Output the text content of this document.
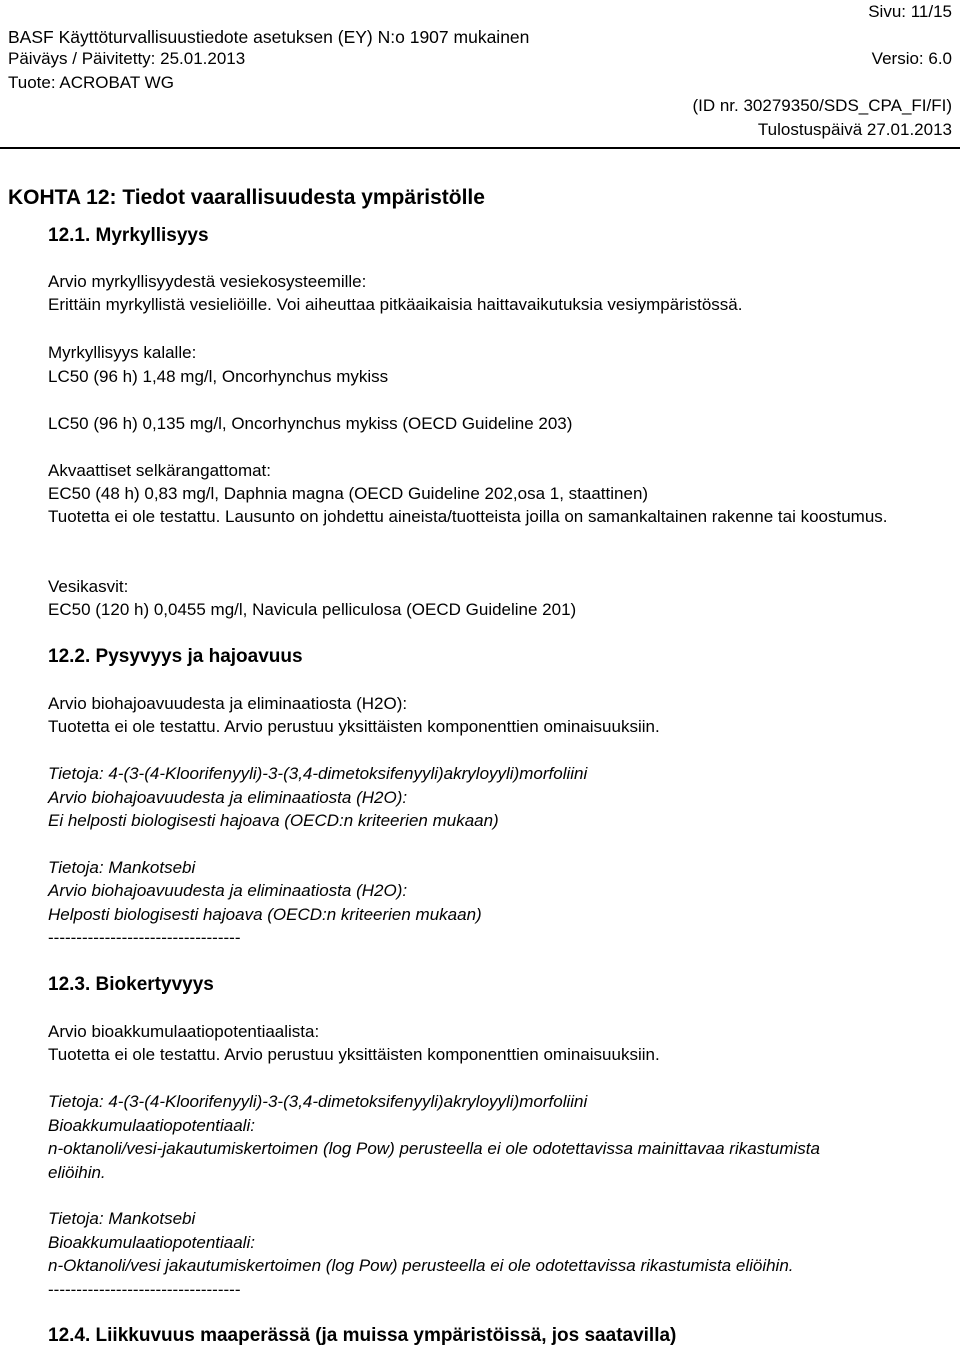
Sivu: 11/15
BASF Käyttöturvallisuustiedote asetuksen (EY) N:o 1907 mukainen
Päiväys / Päivitetty: 25.01.2013	Versio: 6.0
Tuote: ACROBAT WG
(ID nr. 30279350/SDS_CPA_FI/FI)
Tulostuspäivä 27.01.2013
KOHTA 12: Tiedot vaarallisuudesta ympäristölle
12.1. Myrkyllisyys
Arvio myrkyllisyydestä vesiekosysteemille:
Erittäin myrkyllistä vesieliöille. Voi aiheuttaa pitkäaikaisia haittavaikutuksia vesiympäristössä.
Myrkyllisyys kalalle:
LC50 (96 h) 1,48 mg/l, Oncorhynchus mykiss
LC50 (96 h) 0,135 mg/l, Oncorhynchus mykiss (OECD Guideline 203)
Akvaattiset selkärangattomat:
EC50 (48 h) 0,83 mg/l, Daphnia magna (OECD Guideline 202,osa 1, staattinen)
Tuotetta ei ole testattu. Lausunto on johdettu aineista/tuotteista joilla on samankaltainen rakenne tai koostumus.
Vesikasvit:
EC50 (120 h) 0,0455 mg/l, Navicula pelliculosa (OECD Guideline 201)
12.2. Pysyvyys ja hajoavuus
Arvio biohajoavuudesta ja eliminaatiosta (H2O):
Tuotetta ei ole testattu. Arvio perustuu yksittäisten komponenttien ominaisuuksiin.
Tietoja: 4-(3-(4-Kloorifenyyli)-3-(3,4-dimetoksifenyyli)akryloyyli)morfoliini
Arvio biohajoavuudesta ja eliminaatiosta (H2O):
Ei helposti biologisesti hajoava (OECD:n kriteerien mukaan)
Tietoja: Mankotsebi
Arvio biohajoavuudesta ja eliminaatiosta (H2O):
Helposti biologisesti hajoava (OECD:n kriteerien mukaan)
----------------------------------
12.3. Biokertyvyys
Arvio bioakkumulaatiopotentiaalista:
Tuotetta ei ole testattu. Arvio perustuu yksittäisten komponenttien ominaisuuksiin.
Tietoja: 4-(3-(4-Kloorifenyyli)-3-(3,4-dimetoksifenyyli)akryloyyli)morfoliini
Bioakkumulaatiopotentiaali:
n-oktanoli/vesi-jakautumiskertoimen (log Pow) perusteella ei ole odotettavissa mainittavaa rikastumista eliöihin.
Tietoja: Mankotsebi
Bioakkumulaatiopotentiaali:
n-Oktanoli/vesi jakautumiskertoimen (log Pow) perusteella ei ole odotettavissa rikastumista eliöihin.
----------------------------------
12.4. Liikkuvuus maaperässä (ja muissa ympäristöissä, jos saatavilla)
